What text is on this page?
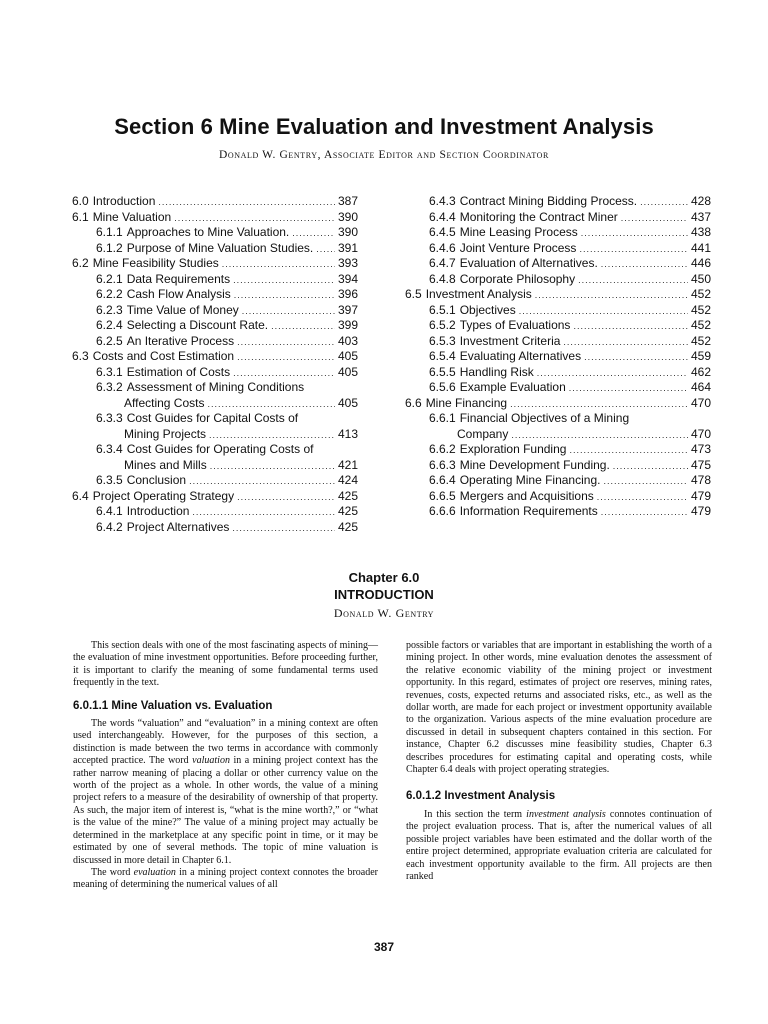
Section 6 Mine Evaluation and Investment Analysis
Donald W. Gentry, Associate Editor and Section Coordinator
6.0 Introduction .....	387
6.1 Mine Valuation .....	390
6.1.1 Approaches to Mine Valuation. .....	390
6.1.2 Purpose of Mine Valuation Studies. ..... 391
6.2 Mine Feasibility Studies .....	393
6.2.1 Data Requirements .....	394
6.2.2 Cash Flow Analysis .....	396
6.2.3 Time Value of Money .....	397
6.2.4 Selecting a Discount Rate. .....	399
6.2.5 An Iterative Process .....	403
6.3 Costs and Cost Estimation .....	405
6.3.1 Estimation of Costs .....	405
6.3.2 Assessment of Mining Conditions
Affecting Costs .....	405
6.3.3 Cost Guides for Capital Costs of
Mining Projects .....	413
6.3.4 Cost Guides for Operating Costs of
Mines and Mills .....	421
6.3.5 Conclusion .....	424
6.4 Project Operating Strategy .....	425
6.4.1 Introduction .....	425
6.4.2 Project Alternatives .....	425
6.4.3 Contract Mining Bidding Process. .....	428
6.4.4 Monitoring the Contract Miner .....	437
6.4.5 Mine Leasing Process .....	438
6.4.6 Joint Venture Process .....	441
6.4.7 Evaluation of Alternatives. .....	446
6.4.8 Corporate Philosophy .....	450
6.5 Investment Analysis .....	452
6.5.1 Objectives .....	452
6.5.2 Types of Evaluations .....	452
6.5.3 Investment Criteria .....	452
6.5.4 Evaluating Alternatives .....	459
6.5.5 Handling Risk .....	462
6.5.6 Example Evaluation .....	464
6.6 Mine Financing .....	470
6.6.1 Financial Objectives of a Mining
Company .....	470
6.6.2 Exploration Funding .....	473
6.6.3 Mine Development Funding. .....	475
6.6.4 Operating Mine Financing. .....	478
6.6.5 Mergers and Acquisitions .....	479
6.6.6 Information Requirements .....	479
Chapter 6.0
INTRODUCTION
Donald W. Gentry

This section deals with one of the most fascinating aspects of mining—the evaluation of mine investment opportunities. Before proceeding further, it is important to clarify the meaning of some fundamental terms used frequently in the text.

6.0.1.1 Mine Valuation vs. Evaluation

The words “valuation” and “evaluation” in a mining context are often used interchangeably. However, for the purposes of this section, a distinction is made between the two terms in accordance with commonly accepted practice. The word valuation in a mining project context has the rather narrow meaning of placing a dollar or other currency value on the worth of the project as a whole. In other words, the value of a mining project refers to a measure of the desirability of ownership of that property. As such, the major item of interest is, “what is the mine worth?,” or “what is the value of the mine?” The value of a mining project may actually be determined in the marketplace at any specific point in time, or it may be estimated by one of several methods. The topic of mine valuation is discussed in more detail in Chapter 6.1.

The word evaluation in a mining project context connotes the broader meaning of determining the numerical values of all

possible factors or variables that are important in establishing the worth of a mining project. In other words, mine evaluation denotes the assessment of the relative economic viability of the mining project or investment opportunity. In this regard, estimates of project ore reserves, mining rates, revenues, costs, expected returns and associated risks, etc., as well as the dollar worth, are made for each project or investment opportunity available to the organization. Various aspects of the mine evaluation procedure are discussed in detail in subsequent chapters contained in this section. For instance, Chapter 6.2 discusses mine feasibility studies, Chapter 6.3 describes procedures for estimating capital and operating costs, while Chapter 6.4 deals with project operating strategies.

6.0.1.2 Investment Analysis

In this section the term investment analysis connotes continuation of the project evaluation process. That is, after the numerical values of all possible project variables have been estimated and the dollar worth of the entire project determined, appropriate evaluation criteria are calculated for each investment opportunity available to the firm. All projects are then ranked

387
